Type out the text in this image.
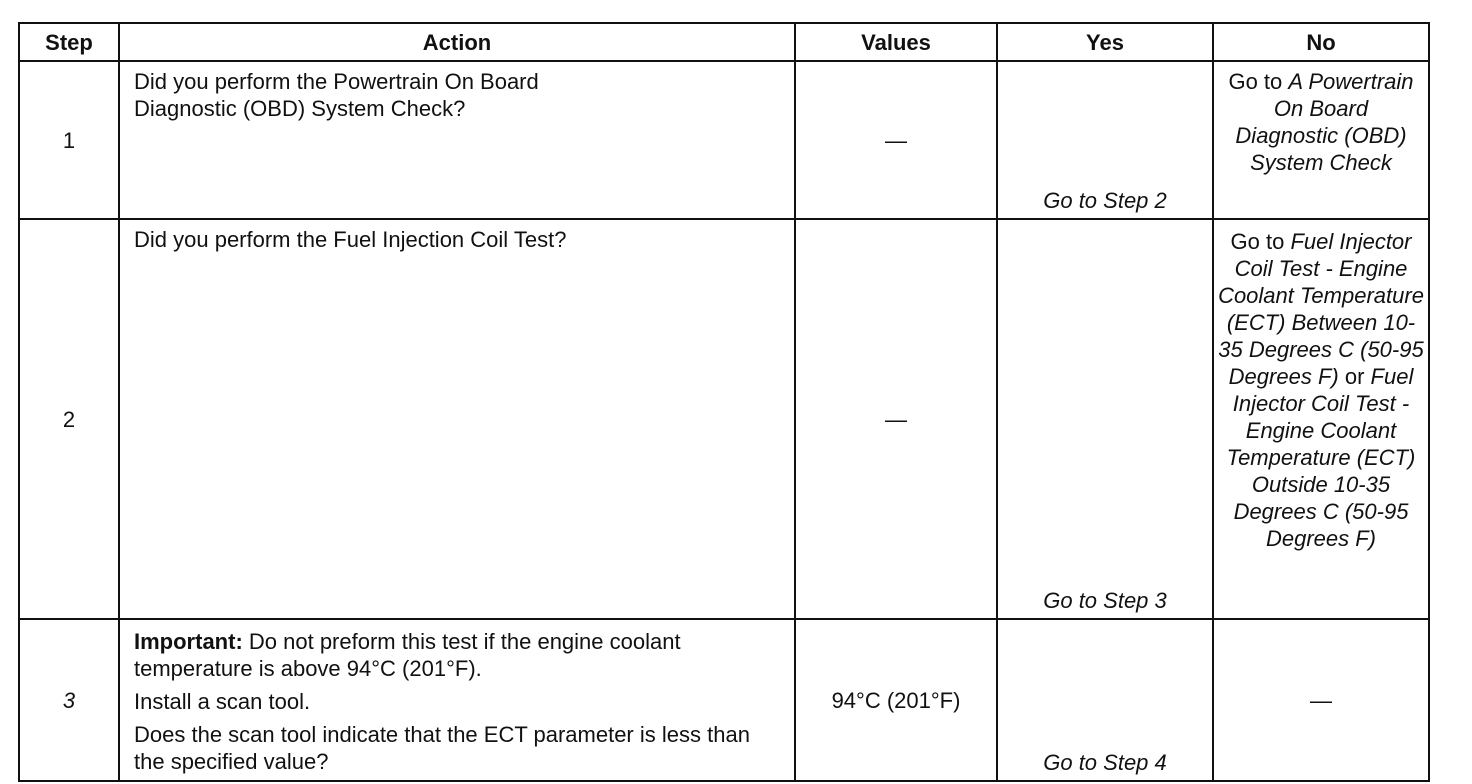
Step	Action	Values	Yes	No
1	Did you perform the Powertrain On Board Diagnostic (OBD) System Check?	—	Go to Step 2	Go to A Powertrain On Board Diagnostic (OBD) System Check
2	Did you perform the Fuel Injection Coil Test?	—	Go to Step 3	Go to Fuel Injector Coil Test - Engine Coolant Temperature (ECT) Between 10-35 Degrees C (50-95 Degrees F) or Fuel Injector Coil Test - Engine Coolant Temperature (ECT) Outside 10-35 Degrees C (50-95 Degrees F)
3	Important: Do not preform this test if the engine coolant temperature is above 94°C (201°F).

Install a scan tool.

Does the scan tool indicate that the ECT parameter is less than the specified value?	94°C (201°F)	Go to Step 4	—
